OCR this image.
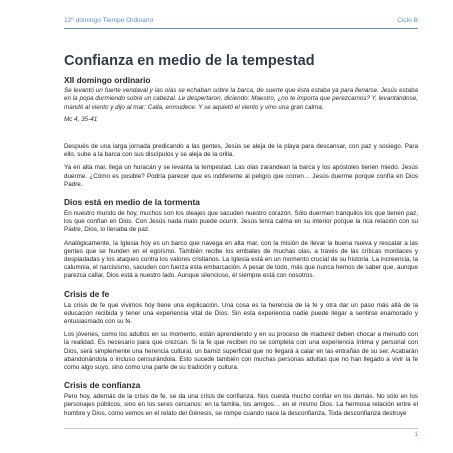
12º domingo Tiempo Ordinario	Ciclo B
Confianza en medio de la tempestad
XII domingo ordinario
Se levantó un fuerte vendaval y las olas se echaban sobre la barca, de suerte que ésta estaba ya para llenarse. Jesús estaba en la popa durmiendo sobre un cabezal. Le despertaron, diciendo: Maestro, ¿no te importa que perezcamos? Y, levantándose, mandó al viento y dijo al mar: Calla, enmudece. Y se aquietó el viento y vino una gran calma.
Mc 4, 35-41
Después de una larga jornada predicando a las gentes, Jesús se aleja de la playa para descansar, con paz y sosiego. Para ello, sube a la barca con sus discípulos y se aleja de la orilla.
Ya en alta mar, llega un huracán y se levanta la tempestad. Las olas zarandean la barca y los apóstoles tienen miedo. Jesús duerme. ¿Cómo es posible? Podría parecer que es indiferente al peligro que corren… Jesús duerme porque confía en Dios Padre.
Dios está en medio de la tormenta
En nuestro mundo de hoy, muchos son los oleajes que sacuden nuestro corazón. Sólo duermen tranquilos los que tienen paz, los que confían en Dios. Con Jesús nada malo puede ocurrir. Jesús tenía calma en su interior porque la rica relación con su Padre, Dios, lo llenaba de paz.
Analógicamente, la Iglesia hoy es un barco que navega en alta mar, con la misión de llevar la buena nueva y rescatar a las gentes que se hunden en el egoísmo. También recibe los embates de muchas olas, a través de las críticas mordaces y despiadadas y los ataques contra los valores cristianos. La Iglesia está en un momento crucial de su historia. La increencia, la calumnia, el narcisismo, sacuden con fuerza esta embarcación. A pesar de todo, más que nunca hemos de saber que, aunque parezca callar, Dios está a nuestro lado. Aunque silencioso, él siempre está con nosotros.
Crisis de fe
La crisis de fe que vivimos hoy tiene una explicación. Una cosa es la herencia de la fe y otra dar un paso más allá de la educación recibida y tener una experiencia vital de Dios. Sin esta experiencia nadie puede llegar a sentirse enamorado y entusiasmado con su fe.
Los jóvenes, como los adultos en su momento, están aprendiendo y en su proceso de madurez deben chocar a menudo con la realidad. Es necesario para que crezcan. Si la fe que reciben no se completa con una experiencia íntima y personal con Dios, será simplemente una herencia cultural, un barniz superficial que no llegará a calar en las entrañas de su ser. Acabarán abandonándola o incluso censurándola. Esto sucede también con muchas personas adultas que no han llegado a vivir la fe como algo suyo, sino como una parte de su tradición y cultura.
Crisis de confianza
Pero hoy, además de la crisis de fe, se da una crisis de confianza. Nos cuesta mucho confiar en los demás. No sólo en los personajes públicos, sino en los seres cercanos: en la familia, los amigos… en el mismo Dios. La hermosa relación entre el hombre y Dios, como vemos en el relato del Génesis, se rompe cuando nace la desconfianza. Toda desconfianza destruye
1
